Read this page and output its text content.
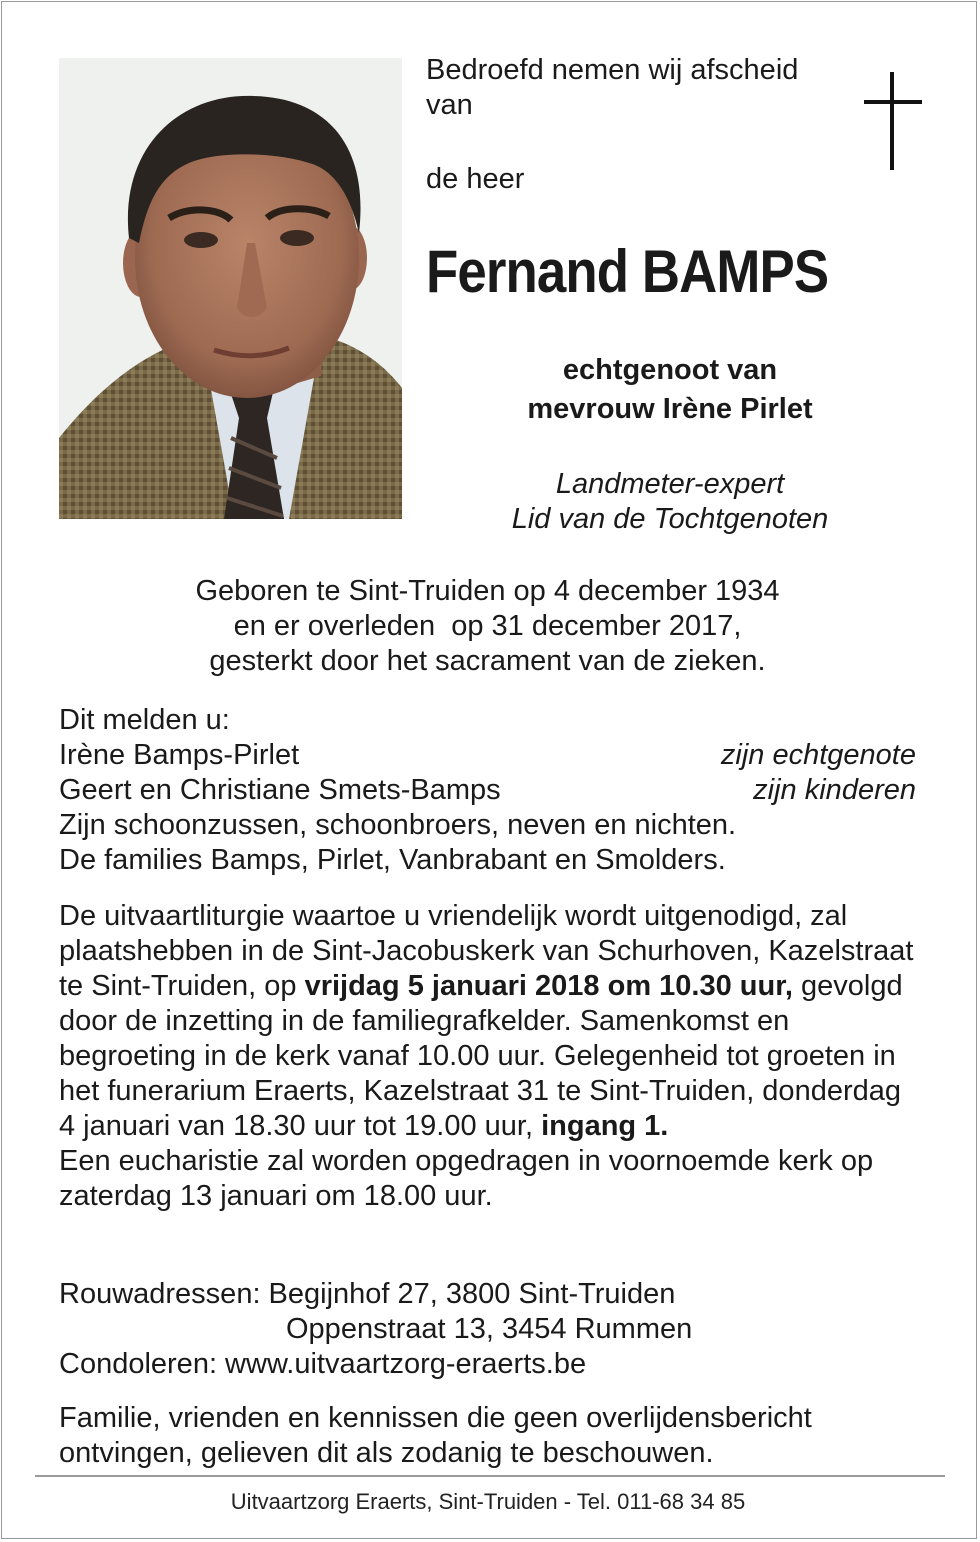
Bedroefd nemen wij afscheid van

de heer

Fernand BAMPS

echtgenoot van
mevrouw Irène Pirlet
Landmeter-expert
Lid van de Tochtgenoten
Geboren te Sint-Truiden op 4 december 1934
en er overleden  op 31 december 2017,
gesterkt door het sacrament van de zieken.
Dit melden u:
Irène Bamps-Pirlet	zijn echtgenote
Geert en Christiane Smets-Bamps	zijn kinderen
Zijn schoonzussen, schoonbroers, neven en nichten.
De families Bamps, Pirlet, Vanbrabant en Smolders.
De uitvaartliturgie waartoe u vriendelijk wordt uitgenodigd, zal plaatshebben in de Sint-Jacobuskerk van Schurhoven, Kazelstraat te Sint-Truiden, op vrijdag 5 januari 2018 om 10.30 uur, gevolgd door de inzetting in de familiegrafkelder. Samenkomst en begroeting in de kerk vanaf 10.00 uur. Gelegenheid tot groeten in het funerarium Eraerts, Kazelstraat 31 te Sint-Truiden, donderdag 4 januari van 18.30 uur tot 19.00 uur, ingang 1.
Een eucharistie zal worden opgedragen in voornoemde kerk op zaterdag 13 januari om 18.00 uur.
Rouwadressen: Begijnhof 27, 3800 Sint-Truiden
Oppenstraat 13, 3454 Rummen
Condoleren: www.uitvaartzorg-eraerts.be

Familie, vrienden en kennissen die geen overlijdensbericht ontvingen, gelieven dit als zodanig te beschouwen.

Uitvaartzorg Eraerts, Sint-Truiden - Tel. 011-68 34 85
